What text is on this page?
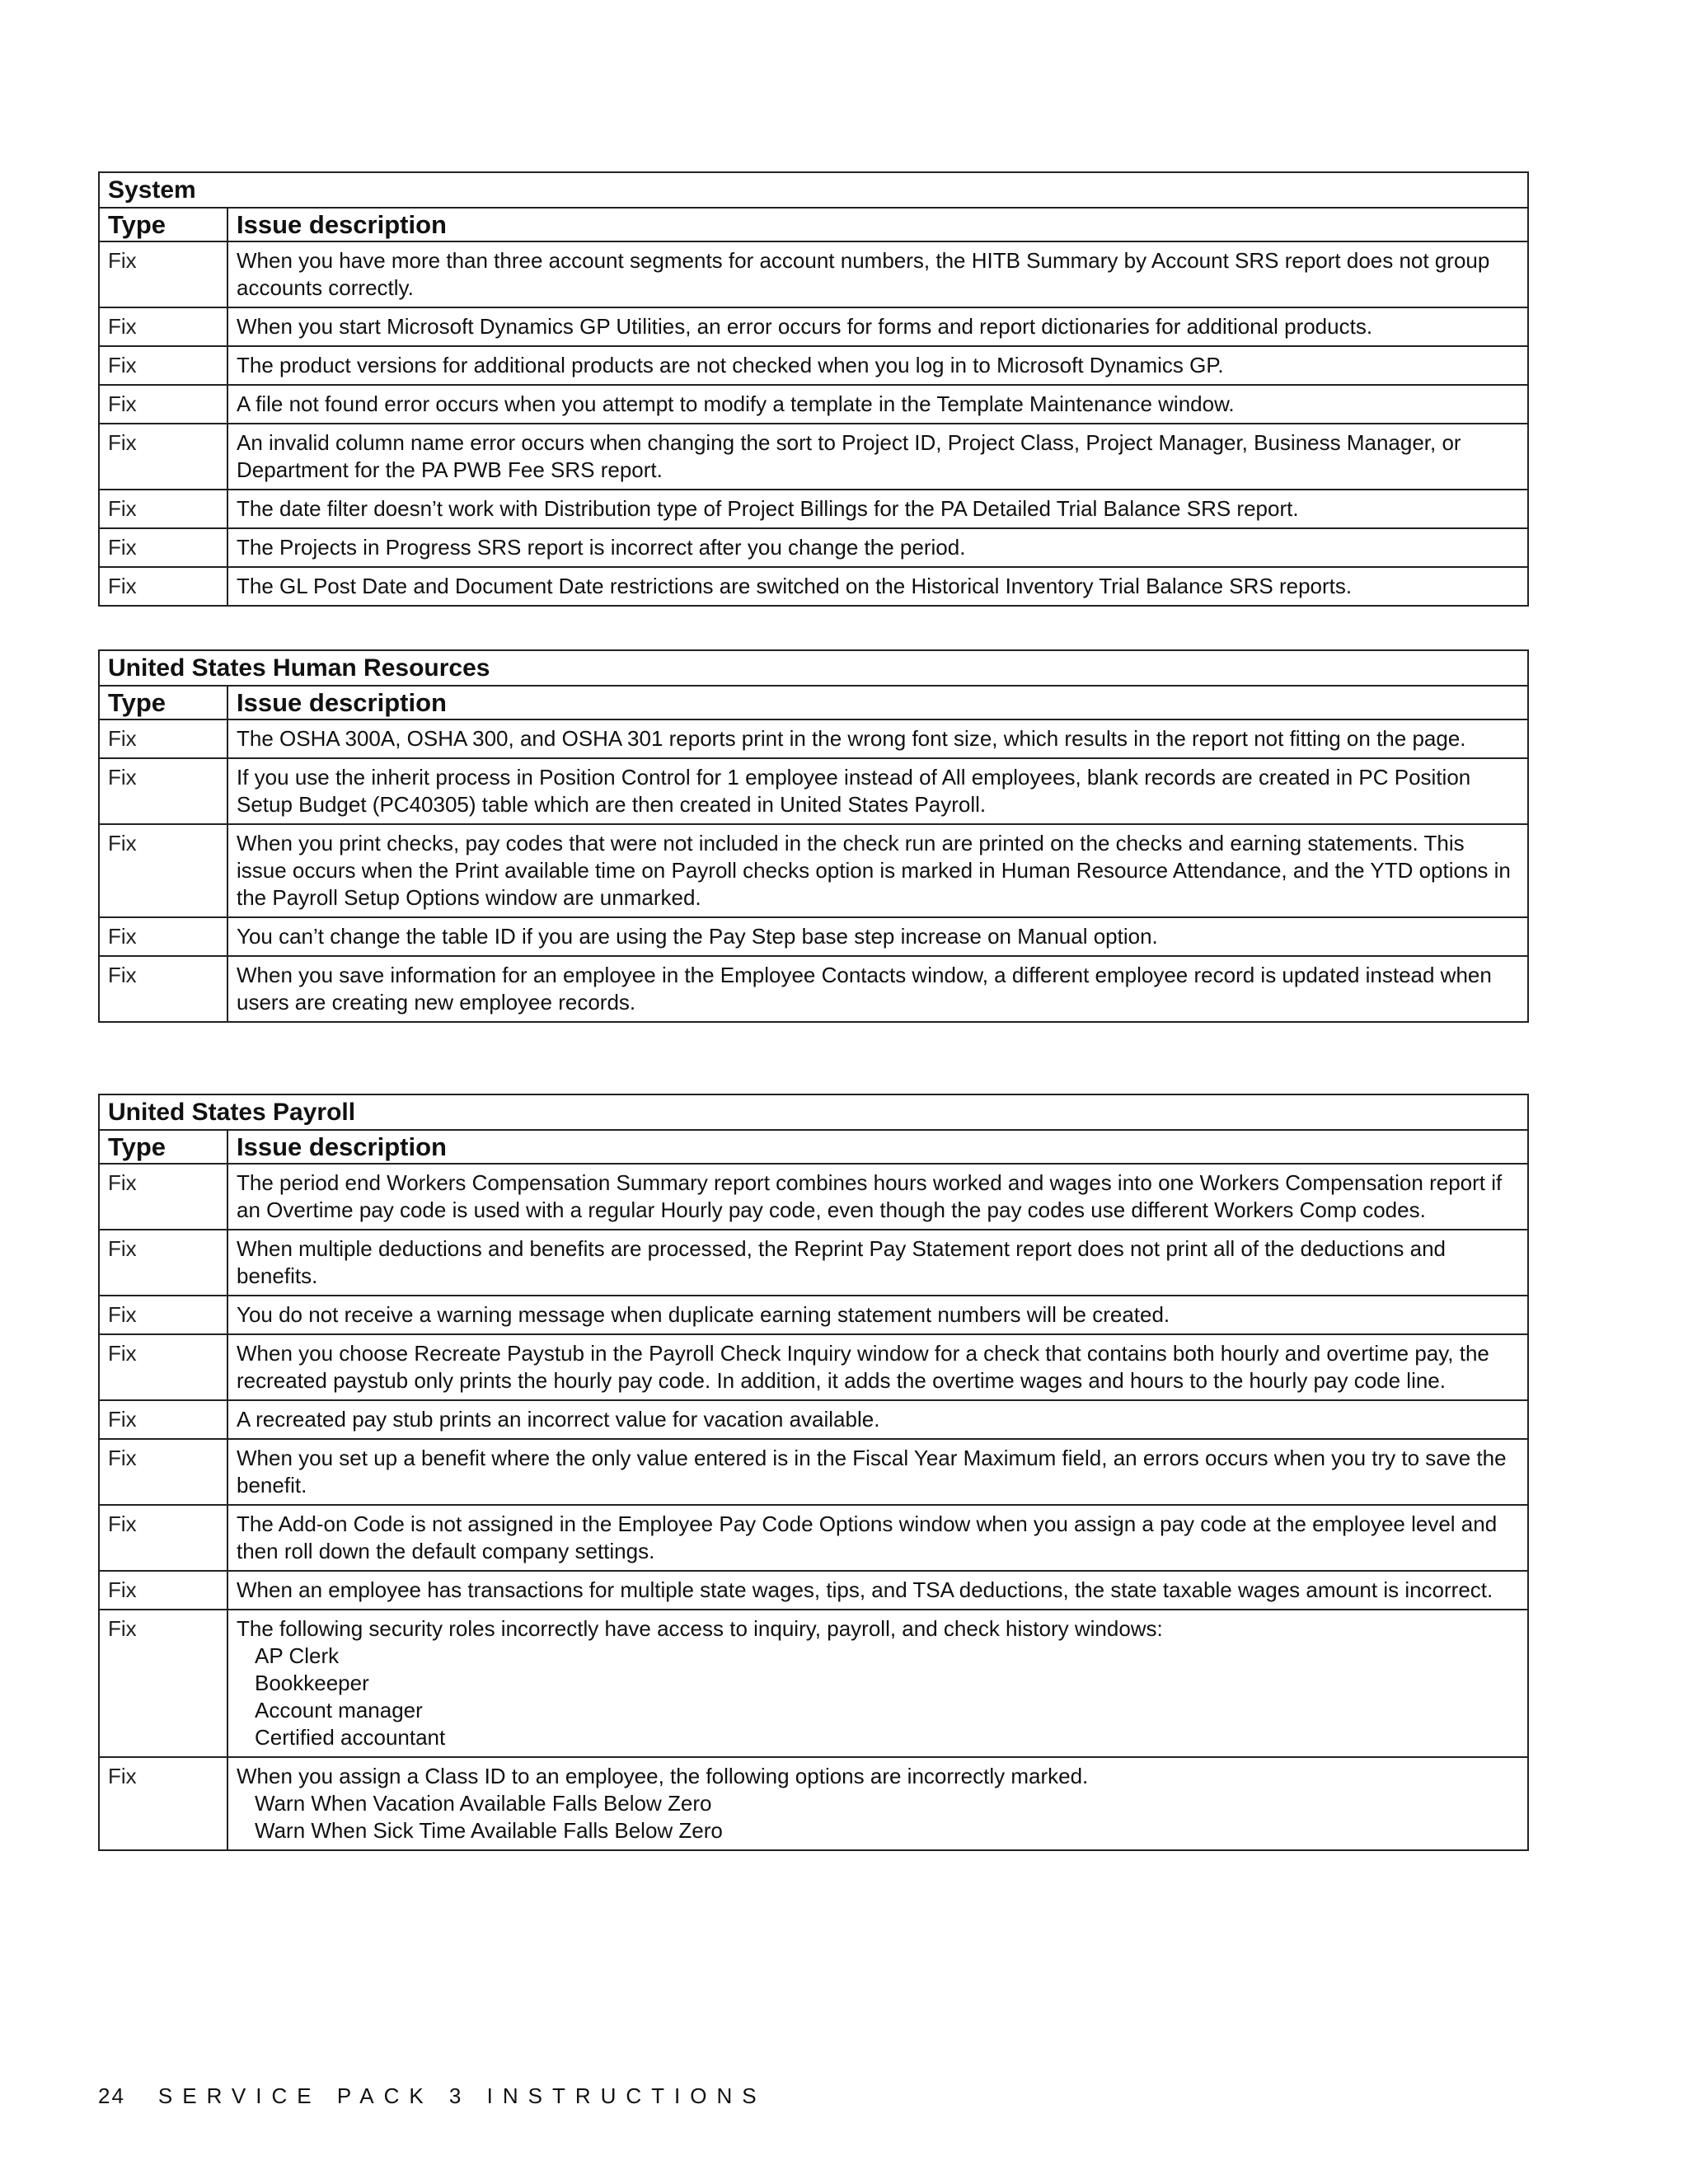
System	
Type	Issue description
Fix	When you have more than three account segments for account numbers, the HITB Summary by Account SRS report does not group accounts correctly.

Fix	When you start Microsoft Dynamics GP Utilities, an error occurs for forms and report dictionaries for additional products.

Fix	The product versions for additional products are not checked when you log in to Microsoft Dynamics GP.

Fix	A file not found error occurs when you attempt to modify a template in the Template Maintenance window.

Fix	An invalid column name error occurs when changing the sort to Project ID, Project Class, Project Manager, Business Manager, or Department for the PA PWB Fee SRS report.

Fix	The date filter doesn’t work with Distribution type of Project Billings for the PA Detailed Trial Balance SRS report.

Fix	The Projects in Progress SRS report is incorrect after you change the period.

Fix	The GL Post Date and Document Date restrictions are switched on the Historical Inventory Trial Balance SRS reports.
United States Human Resources	
Type	Issue description
Fix	The OSHA 300A, OSHA 300, and OSHA 301 reports print in the wrong font size, which results in the report not fitting on the page.

Fix	If you use the inherit process in Position Control for 1 employee instead of All employees, blank records are created in PC Position Setup Budget (PC40305) table which are then created in United States Payroll.

Fix	When you print checks, pay codes that were not included in the check run are printed on the checks and earning statements. This issue occurs when the Print available time on Payroll checks option is marked in Human Resource Attendance, and the YTD options in the Payroll Setup Options window are unmarked.

Fix	You can’t change the table ID if you are using the Pay Step base step increase on Manual option.

Fix	When you save information for an employee in the Employee Contacts window, a different employee record is updated instead when users are creating new employee records.
United States Payroll	
Type	Issue description
Fix	The period end Workers Compensation Summary report combines hours worked and wages into one Workers Compensation report if an Overtime pay code is used with a regular Hourly pay code, even though the pay codes use different Workers Comp codes.

Fix	When multiple deductions and benefits are processed, the Reprint Pay Statement report does not print all of the deductions and benefits.

Fix	You do not receive a warning message when duplicate earning statement numbers will be created.

Fix	When you choose Recreate Paystub in the Payroll Check Inquiry window for a check that contains both hourly and overtime pay, the recreated paystub only prints the hourly pay code. In addition, it adds the overtime wages and hours to the hourly pay code line.

Fix	A recreated pay stub prints an incorrect value for vacation available.

Fix	When you set up a benefit where the only value entered is in the Fiscal Year Maximum field, an errors occurs when you try to save the benefit.

Fix	The Add-on Code is not assigned in the Employee Pay Code Options window when you assign a pay code at the employee level and then roll down the default company settings.

Fix	When an employee has transactions for multiple state wages, tips, and TSA deductions, the state taxable wages amount is incorrect.

Fix	The following security roles incorrectly have access to inquiry, payroll, and check history windows:
AP Clerk
Bookkeeper
Account manager
Certified accountant

Fix	When you assign a Class ID to an employee, the following options are incorrectly marked.
Warn When Vacation Available Falls Below Zero
Warn When Sick Time Available Falls Below Zero
24 SERVICE PACK 3 INSTRUCTIONS
